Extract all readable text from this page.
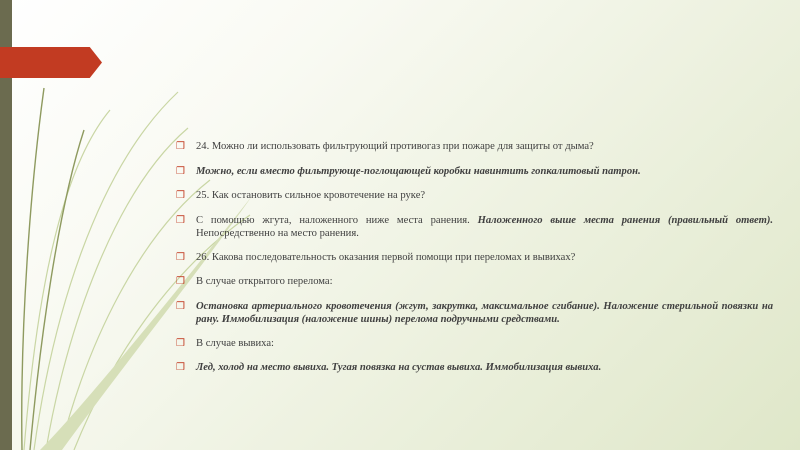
❒ 24. Можно ли использовать фильтрующий противогаз при пожаре для защиты от дыма?
❒ Можно, если вместо фильтрующе-поглощающей коробки навинтить гопкалитовый патрон.
❒ 25. Как остановить сильное кровотечение на руке?
❒ С помощью жгута, наложенного ниже места ранения. Наложенного выше места ранения (правильный ответ). Непосредственно на место ранения.
❒ 26. Какова последовательность оказания первой помощи при переломах и вывихах?
❒ В случае открытого перелома:
❒ Остановка артериального кровотечения (жгут, закрутка, максимальное сгибание). Наложение стерильной повязки на рану. Иммобилизация (наложение шины) перелома подручными средствами.
❒ В случае вывиха:
❒ Лед, холод на место вывиха. Тугая повязка на сустав вывиха. Иммобилизация вывиха.
